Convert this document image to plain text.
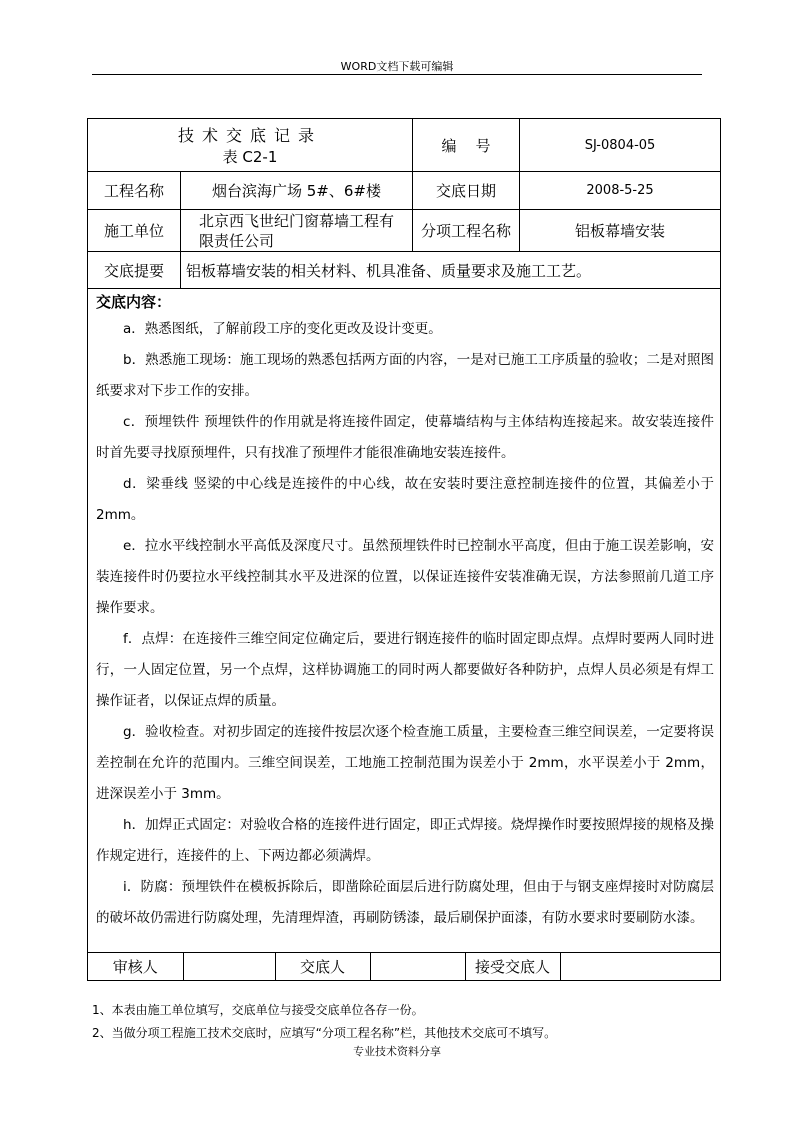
WORD文档下载可编辑
技术交底记录
表 C2-1
	编    号	SJ-0804-05
工程名称	烟台滨海广场 5#、6#楼	交底日期	2008-5-25
施工单位	北京西飞世纪门窗幕墙工程有限责任公司	分项工程名称	铝板幕墙安装
交底提要	铝板幕墙安装的相关材料、机具准备、质量要求及施工工艺。

交底内容：

a．熟悉图纸，了解前段工序的变化更改及设计变更。

b．熟悉施工现场：施工现场的熟悉包括两方面的内容，一是对已施工工序质量的验收；二是对照图纸要求对下步工作的安排。

c．预埋铁件 预埋铁件的作用就是将连接件固定，使幕墙结构与主体结构连接起来。故安装连接件时首先要寻找原预埋件，只有找准了预埋件才能很准确地安装连接件。

d．梁垂线 竖梁的中心线是连接件的中心线，故在安装时要注意控制连接件的位置，其偏差小于 2mm。

e．拉水平线控制水平高低及深度尺寸。虽然预埋铁件时已控制水平高度，但由于施工误差影响，安装连接件时仍要拉水平线控制其水平及进深的位置，以保证连接件安装准确无误，方法参照前几道工序操作要求。

f．点焊：在连接件三维空间定位确定后，要进行钢连接件的临时固定即点焊。点焊时要两人同时进行，一人固定位置，另一个点焊，这样协调施工的同时两人都要做好各种防护，点焊人员必须是有焊工操作证者，以保证点焊的质量。

g．验收检查。对初步固定的连接件按层次逐个检查施工质量，主要检查三维空间误差，一定要将误差控制在允许的范围内。三维空间误差，工地施工控制范围为误差小于 2mm，水平误差小于 2mm，进深误差小于 3mm。

h．加焊正式固定：对验收合格的连接件进行固定，即正式焊接。烧焊操作时要按照焊接的规格及操作规定进行，连接件的上、下两边都必须满焊。

i．防腐：预埋铁件在模板拆除后，即凿除砼面层后进行防腐处理，但由于与钢支座焊接时对防腐层的破坏故仍需进行防腐处理，先清理焊渣，再刷防锈漆，最后刷保护面漆，有防水要求时要刷防水漆。

审核人		交底人		接受交底人	
1、本表由施工单位填写，交底单位与接受交底单位各存一份。
2、当做分项工程施工技术交底时，应填写“分项工程名称”栏，其他技术交底可不填写。
专业技术资料分享
